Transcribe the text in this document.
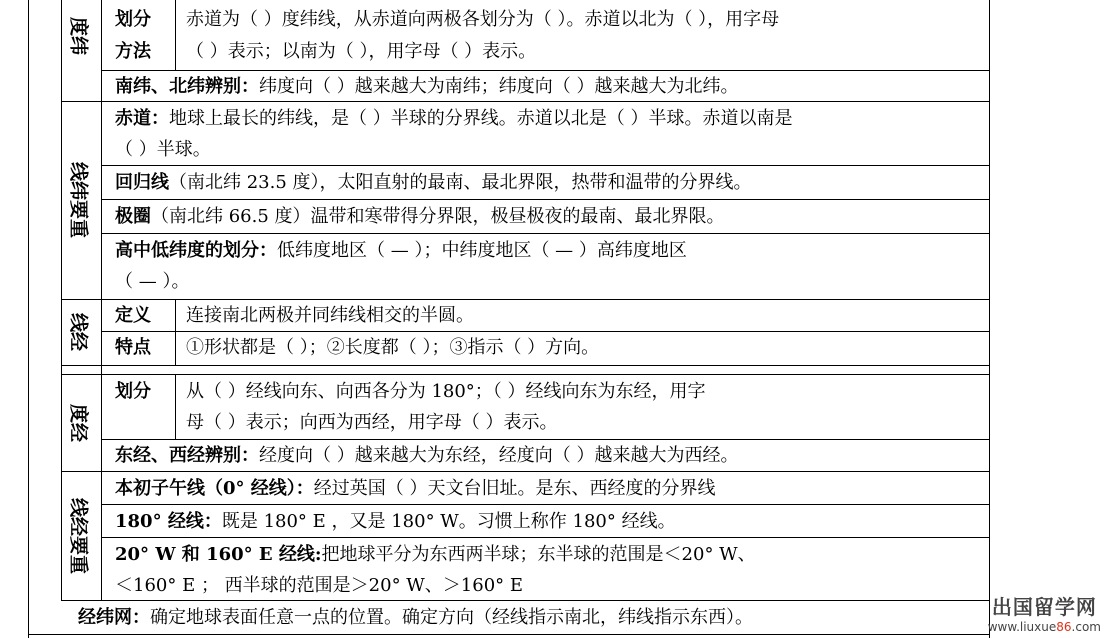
度纬
线纬要重
线经
度经
线经要重
划分
方法
赤道为（ ）度纬线，从赤道向两极各划分为（ ）。赤道以北为（ ），用字母
（ ）表示；以南为（ ），用字母（ ）表示。
南纬、北纬辨别：纬度向（ ）越来越大为南纬；纬度向（ ）越来越大为北纬。
赤道：地球上最长的纬线，是（ ）半球的分界线。赤道以北是（ ）半球。赤道以南是
（ ）半球。
回归线（南北纬 23.5 度），太阳直射的最南、最北界限，热带和温带的分界线。
极圈（南北纬 66.5 度）温带和寒带得分界限，极昼极夜的最南、最北界限。
高中低纬度的划分：低纬度地区（ — ）；中纬度地区（ — ）高纬度地区
（ — ）。
定义 连接南北两极并同纬线相交的半圆。
特点 ①形状都是（ ）；②长度都（ ）；③指示（ ）方向。
划分 从（ ）经线向东、向西各分为 180°；（ ）经线向东为东经，用字
母（ ）表示；向西为西经，用字母（ ）表示。
东经、西经辨别：经度向（ ）越来越大为东经，经度向（ ）越来越大为西经。
本初子午线（0° 经线）：经过英国（ ）天文台旧址。是东、西经度的分界线
180° 经线：既是 180° E ，又是 180° W。习惯上称作 180° 经线。
20° W 和 160° E 经线:把地球平分为东西两半球；东半球的范围是＜20° W、
＜160° E ； 西半球的范围是＞20° W、＞160° E
经纬网：确定地球表面任意一点的位置。确定方向（经线指示南北，纬线指示东西）。	出国留学网
www.liuxue86.com
